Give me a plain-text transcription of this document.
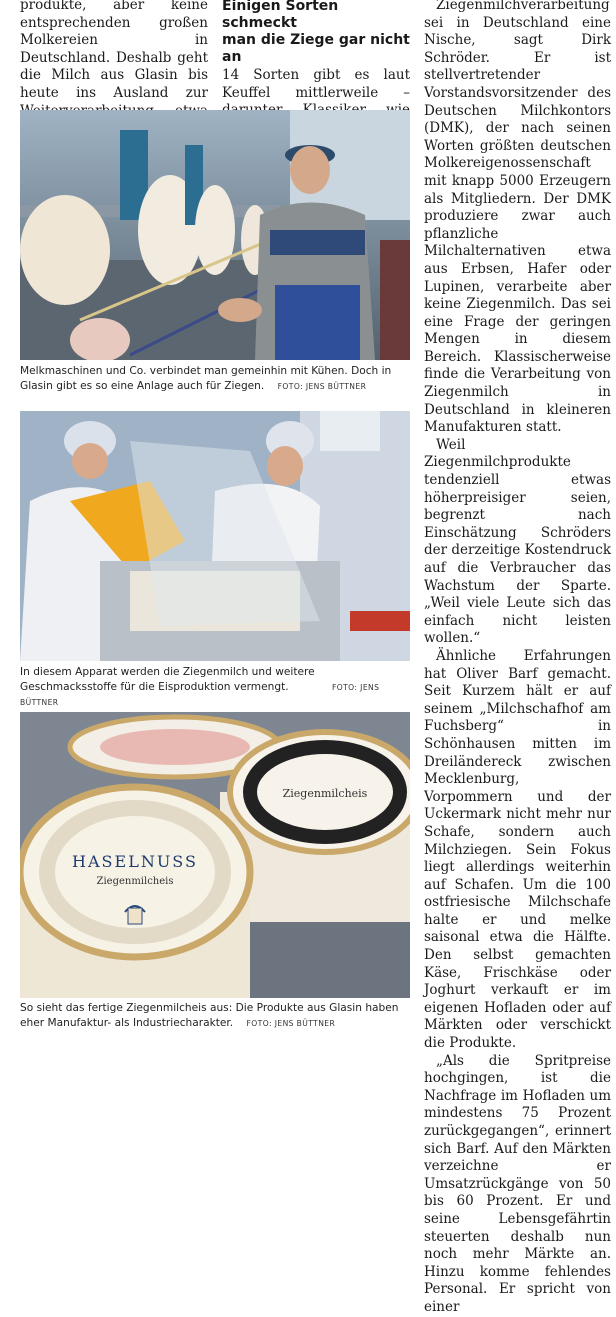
produkte, aber keine entsprechenden großen Molkereien in Deutschland. Deshalb geht die Milch aus Glasin bis heute ins Ausland zur

Einigen Sorten schmeckt
man die Ziege gar nicht an

14 Sorten gibt es laut Keuffel mittlerweile –

Melkmaschinen und Co. verbindet man gemeinhin mit Kühen. Doch in Glasin gibt es so eine Anlage auch für Ziegen. FOTO: JENS BÜTTNER
In diesem Apparat werden die Ziegenmilch und weitere Geschmacksstoffe für die Eisproduktion vermengt.	FOTO: JENS BÜTTNER
Ziegenmilcheis
HASELNUSS
Ziegenmilcheis
So sieht das fertige Ziegenmilcheis aus: Die Produkte aus Glasin haben eher Manufaktur- als Industriecharakter. FOTO: JENS BÜTTNER

Ziegenmilchverarbeitung sei in Deutschland eine Nische, sagt Dirk Schröder. Er ist stellvertretender Vorstandsvorsitzender des Deutschen Milchkontors (DMK), der nach seinen Worten größten deutschen Molkereigenossenschaft mit knapp 5000 Erzeugern als Mitgliedern. Der DMK produziere zwar auch pflanzliche Milchalternativen etwa aus Erbsen, Hafer oder Lupinen, verarbeite aber keine Ziegenmilch. Das sei eine Frage der geringen Mengen in diesem Bereich. Klassischerweise finde die Verarbeitung von Ziegenmilch in Deutschland in kleineren Manufakturen statt.

Weil Ziegenmilchprodukte tendenziell etwas höherpreisiger seien, begrenzt nach Einschätzung Schröders der derzeitige Kostendruck auf die Verbraucher das Wachstum der Sparte. „Weil viele Leute sich das einfach nicht leisten wollen.“

Ähnliche Erfahrungen hat Oliver Barf gemacht. Seit Kurzem hält er auf seinem „Milchschafhof am Fuchsberg“ in Schönhausen mitten im Dreiländereck zwischen Mecklenburg, Vorpommern und der Uckermark nicht mehr nur Schafe, sondern auch Milchziegen. Sein Fokus liegt allerdings weiterhin auf Schafen. Um die 100 ostfriesische Milchschafe halte er und melke saisonal etwa die Hälfte. Den selbst gemachten Käse, Frischkäse oder Joghurt verkauft er im eigenen Hofladen oder auf Märkten oder verschickt die Produkte.

„Als die Spritpreise hochgingen, ist die Nachfrage im Hofladen um mindestens 75 Prozent zurückgegangen“, erinnert sich Barf. Auf den Märkten verzeichne er Umsatzrückgänge von 50 bis 60 Prozent. Er und seine Lebensgefährtin steuerten deshalb nun noch mehr Märkte an. Hinzu komme fehlendes Personal. Er spricht von einer
